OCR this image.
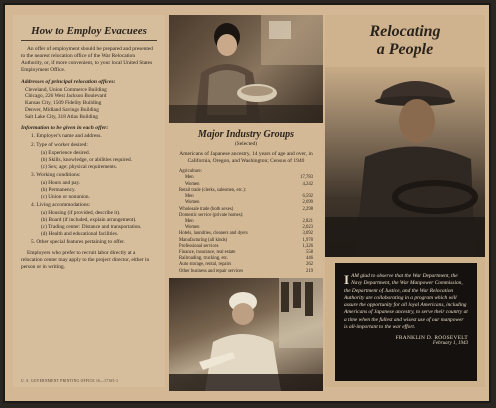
How to Employ Evacuees

An offer of employment should be prepared and presented to the nearest relocation office of the War Relocation Authority, or, if more convenient, to your local United States Employment Office.

Addresses of principal relocation offices:
Cleveland, Union Commerce Building
Chicago, 226 West Jackson Boulevard
Kansas City, 1509 Fidelity Building
Denver, Midland Savings Building
Salt Lake City, 318 Atlas Building
Information to be given in each offer:
1. Employer's name and address.
2. Type of worker desired:
(a) Experience desired.
(b) Skills, knowledge, or abilities required.
(c) Sex; age; physical requirements.
3. Working conditions:
(a) Hours and pay.
(b) Permanency.
(c) Union or nonunion.
4. Living accommodations:
(a) Housing (if provided, describe it).
(b) Board (if included, explain arrangement).
(c) Trading center: Distance and transportation.
(d) Health and educational facilities.
5. Other special features pertaining to offer.

Employers who prefer to recruit labor directly at a relocation center may apply to the project director, either in person or in writing.

U. S. GOVERNMENT PRINTING OFFICE 16—17165-1
Major Industry Groups
(Selected)
Americans of Japanese ancestry, 14 years of age and over, in California, Oregon, and Washington; Census of 1940
Agriculture:
Men	17,783
Women	4,242
Retail trade (clerks, salesmen, etc.):
Men	6,592
Women	2,699
Wholesale trade (both sexes)	2,298
Domestic service (private homes):
Men	2,821
Women	2,023
Hotels, laundries, cleaners and dyers	3,092
Manufacturing (all kinds)	1,978
Professional services	1,326
Finance, insurance, real estate	558
Railroading, trucking, etc.	446
Auto storage, rental, repairs	262
Other business and repair services	219
Relocating
a People
IAM glad to observe that the War Department, the Navy Department, the War Manpower Commission, the Department of Justice, and the War Relocation Authority are collaborating in a program which will assure the opportunity for all loyal Americans, including Americans of Japanese ancestry, to serve their country at a time when the fullest and wisest use of our manpower is all-important to the war effort.
FRANKLIN D. ROOSEVELT
February 1, 1943
